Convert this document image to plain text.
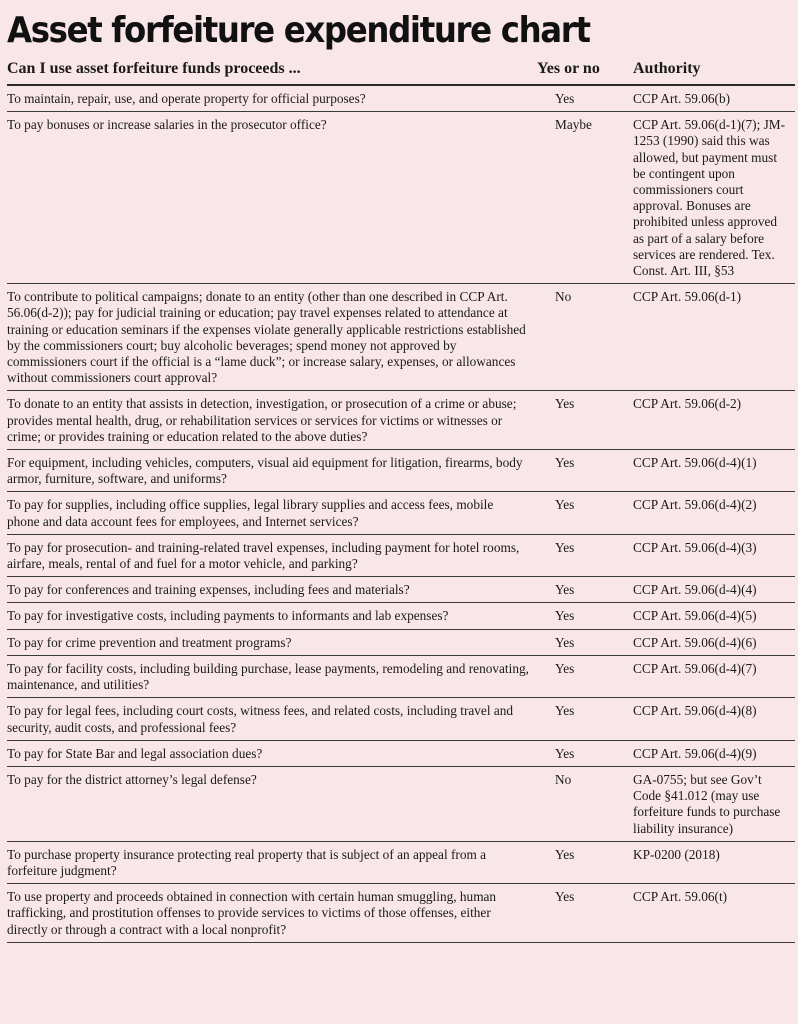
Asset forfeiture expenditure chart
Can I use asset forfeiture funds proceeds ...	Yes or no	Authority
To maintain, repair, use, and operate property for official purposes?	Yes	CCP Art. 59.06(b)
To pay bonuses or increase salaries in the prosecutor office?	Maybe	CCP Art. 59.06(d-1)(7); JM-1253 (1990) said this was allowed, but payment must be contingent upon commissioners court approval. Bonuses are prohibited unless approved as part of a salary before services are rendered. Tex. Const. Art. III, §53
To contribute to political campaigns; donate to an entity (other than one described in CCP Art. 56.06(d-2)); pay for judicial training or education; pay travel expenses related to attendance at training or education seminars if the expenses violate generally applicable restrictions established by the commissioners court; buy alcoholic beverages; spend money not approved by commissioners court if the official is a “lame duck”; or increase salary, expenses, or allowances without commissioners court approval?	No	CCP Art. 59.06(d-1)
To donate to an entity that assists in detection, investigation, or prosecution of a crime or abuse; provides mental health, drug, or rehabilitation services or services for victims or witnesses or crime; or provides training or education related to the above duties?	Yes	CCP Art. 59.06(d-2)
For equipment, including vehicles, computers, visual aid equipment for litigation, firearms, body armor, furniture, software, and uniforms?	Yes	CCP Art. 59.06(d-4)(1)
To pay for supplies, including office supplies, legal library supplies and access fees, mobile phone and data account fees for employees, and Internet services?	Yes	CCP Art. 59.06(d-4)(2)
To pay for prosecution- and training-related travel expenses, including payment for hotel rooms, airfare, meals, rental of and fuel for a motor vehicle, and parking?	Yes	CCP Art. 59.06(d-4)(3)
To pay for conferences and training expenses, including fees and materials?	Yes	CCP Art. 59.06(d-4)(4)
To pay for investigative costs, including payments to informants and lab expenses?	Yes	CCP Art. 59.06(d-4)(5)
To pay for crime prevention and treatment programs?	Yes	CCP Art. 59.06(d-4)(6)
To pay for facility costs, including building purchase, lease payments, remodeling and renovating, maintenance, and utilities?	Yes	CCP Art. 59.06(d-4)(7)
To pay for legal fees, including court costs, witness fees, and related costs, including travel and security, audit costs, and professional fees?	Yes	CCP Art. 59.06(d-4)(8)
To pay for State Bar and legal association dues?	Yes	CCP Art. 59.06(d-4)(9)
To pay for the district attorney’s legal defense?	No	GA-0755; but see Gov’t Code §41.012 (may use forfeiture funds to purchase liability insurance)
To purchase property insurance protecting real property that is subject of an appeal from a forfeiture judgment?	Yes	KP-0200 (2018)
To use property and proceeds obtained in connection with certain human smuggling, human trafficking, and prostitution offenses to provide services to victims of those offenses, either directly or through a contract with a local nonprofit?	Yes	CCP Art. 59.06(t)
